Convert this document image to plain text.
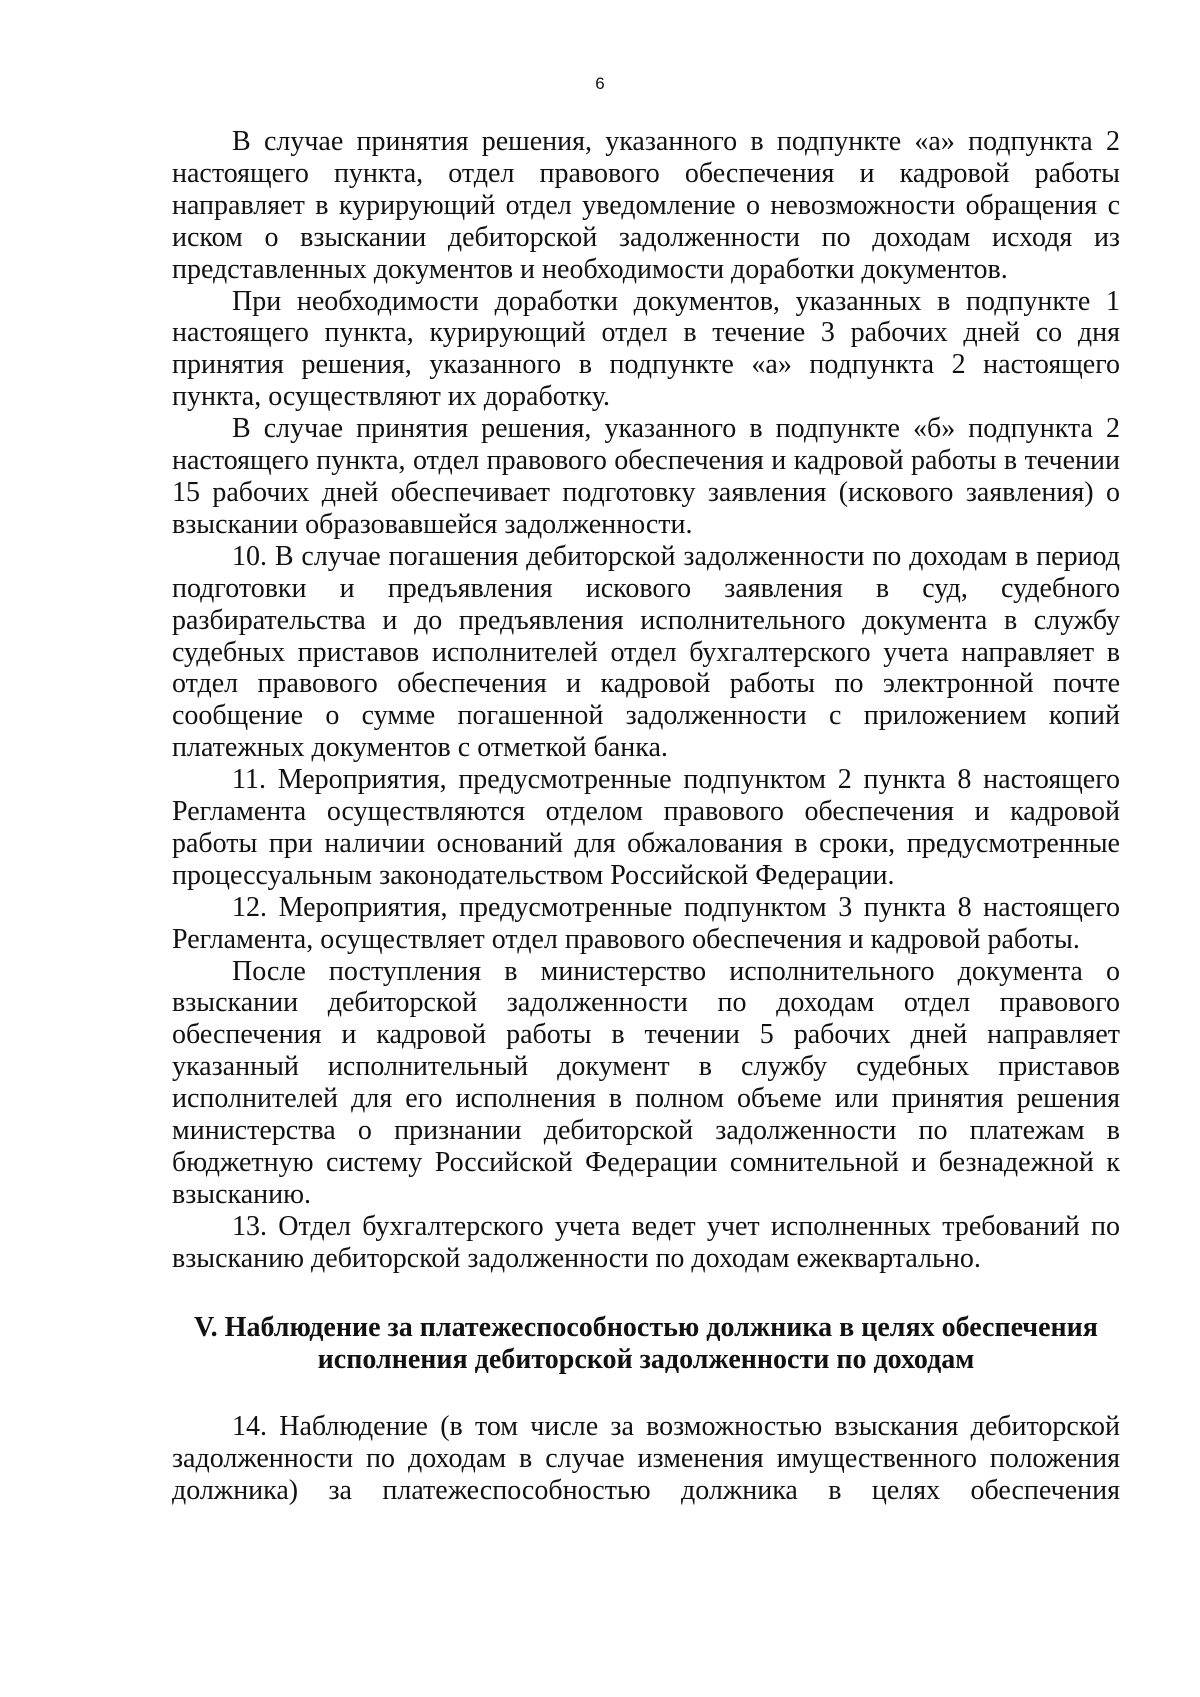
6

В случае принятия решения, указанного в подпункте «а» подпункта 2 настоящего пункта, отдел правового обеспечения и кадровой работы направляет в курирующий отдел уведомление о невозможности обращения с иском о взыскании дебиторской задолженности по доходам исходя из представленных документов и необходимости доработки документов.

При необходимости доработки документов, указанных в подпункте 1 настоящего пункта, курирующий отдел в течение 3 рабочих дней со дня принятия решения, указанного в подпункте «а» подпункта 2 настоящего пункта, осуществляют их доработку.

В случае принятия решения, указанного в подпункте «б» подпункта 2 настоящего пункта, отдел правового обеспечения и кадровой работы в течении 15 рабочих дней обеспечивает подготовку заявления (искового заявления) о взыскании образовавшейся задолженности.

10. В случае погашения дебиторской задолженности по доходам в период подготовки и предъявления искового заявления в суд, судебного разбирательства и до предъявления исполнительного документа в службу судебных приставов исполнителей отдел бухгалтерского учета направляет в отдел правового обеспечения и кадровой работы по электронной почте сообщение о сумме погашенной задолженности с приложением копий платежных документов с отметкой банка.

11. Мероприятия, предусмотренные подпунктом 2 пункта 8 настоящего Регламента осуществляются отделом правового обеспечения и кадровой работы при наличии оснований для обжалования в сроки, предусмотренные процессуальным законодательством Российской Федерации.

12. Мероприятия, предусмотренные подпунктом 3 пункта 8 настоящего Регламента, осуществляет отдел правового обеспечения и кадровой работы.

После поступления в министерство исполнительного документа о взыскании дебиторской задолженности по доходам отдел правового обеспечения и кадровой работы в течении 5 рабочих дней направляет указанный исполнительный документ в службу судебных приставов исполнителей для его исполнения в полном объеме или принятия решения министерства о признании дебиторской задолженности по платежам в бюджетную систему Российской Федерации сомнительной и безнадежной к взысканию.

13. Отдел бухгалтерского учета ведет учет исполненных требований по взысканию дебиторской задолженности по доходам ежеквартально.

V. Наблюдение за платежеспособностью должника в целях обеспечения
исполнения дебиторской задолженности по доходам

14. Наблюдение (в том числе за возможностью взыскания дебиторской задолженности по доходам в случае изменения имущественного положения должника) за платежеспособностью должника в целях обеспечения
